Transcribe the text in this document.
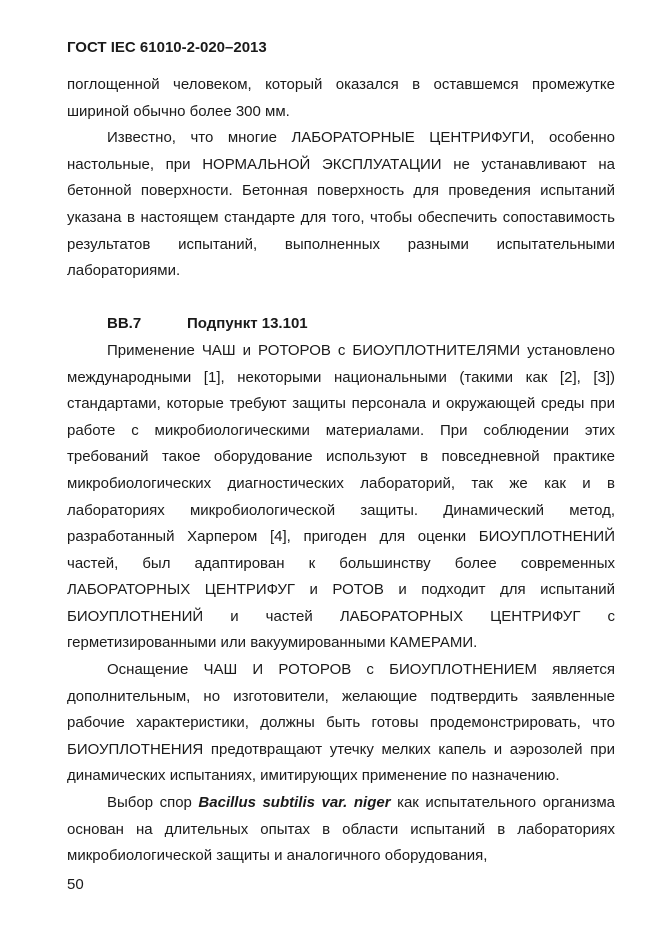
ГОСТ IEC 61010-2-020–2013

поглощенной человеком, который оказался в оставшемся промежутке шириной обычно более 300 мм.

Известно, что многие ЛАБОРАТОРНЫЕ ЦЕНТРИФУГИ, особенно настольные, при НОРМАЛЬНОЙ ЭКСПЛУАТАЦИИ не устанавливают на бетонной поверхности. Бетонная поверхность для проведения испытаний указана в настоящем стандарте для того, чтобы обеспечить сопоставимость результатов испытаний, выполненных разными испытательными лабораториями.

ВВ.7	Подпункт 13.101

Применение ЧАШ и РОТОРОВ с БИОУПЛОТНИТЕЛЯМИ установлено международными [1], некоторыми национальными (такими как [2], [3]) стандартами, которые требуют защиты персонала и окружающей среды при работе с микробиологическими материалами. При соблюдении этих требований такое оборудование используют в повседневной практике микробиологических диагностических лабораторий, так же как и в лабораториях микробиологической защиты. Динамический метод, разработанный Харпером [4], пригоден для оценки БИОУПЛОТНЕНИЙ частей, был адаптирован к большинству более современных ЛАБОРАТОРНЫХ ЦЕНТРИФУГ и РОТОВ и подходит для испытаний БИОУПЛОТНЕНИЙ и частей ЛАБОРАТОРНЫХ ЦЕНТРИФУГ с герметизированными или вакуумированными КАМЕРАМИ.

Оснащение ЧАШ И РОТОРОВ с БИОУПЛОТНЕНИЕМ является дополнительным, но изготовители, желающие подтвердить заявленные рабочие характеристики, должны быть готовы продемонстрировать, что БИОУПЛОТНЕНИЯ предотвращают утечку мелких капель и аэрозолей при динамических испытаниях, имитирующих применение по назначению.

Выбор спор Bacillus subtilis var. niger как испытательного организма основан на длительных опытах в области испытаний в лабораториях микробиологической защиты и аналогичного оборудования,

50
